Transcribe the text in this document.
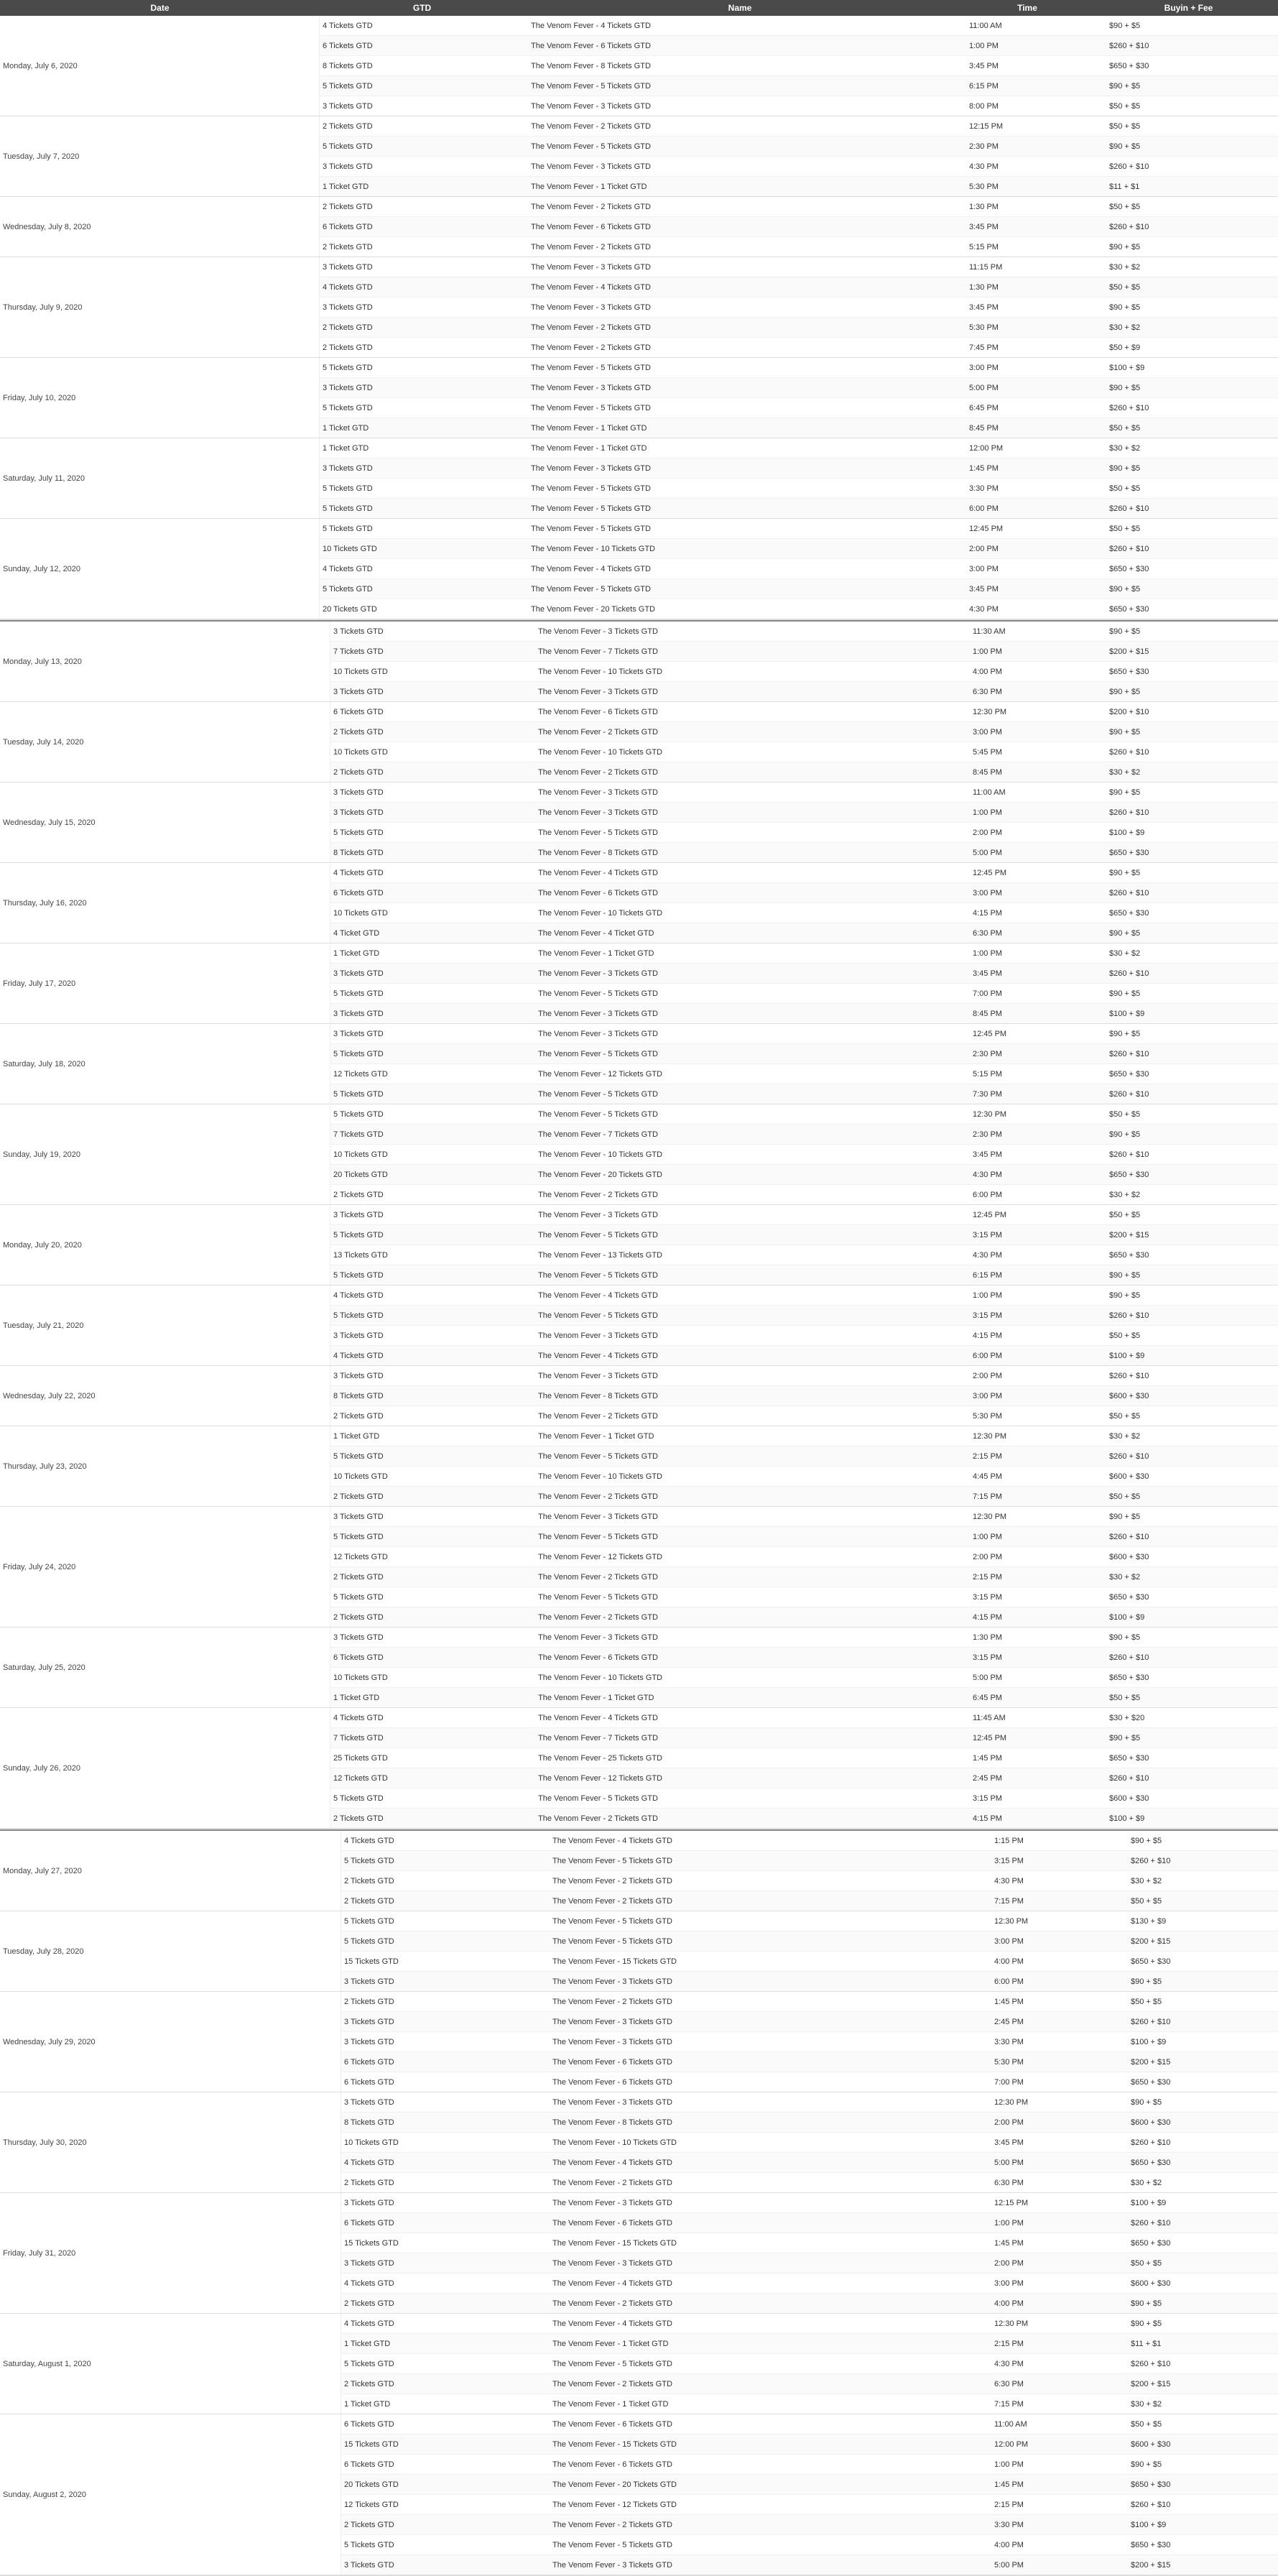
Date	GTD	Name	Time	Buyin + Fee
Monday, July 6, 2020
4 Tickets GTD	The Venom Fever - 4 Tickets GTD	11:00 AM	$90 + $5
6 Tickets GTD	The Venom Fever - 6 Tickets GTD	1:00 PM	$260 + $10
8 Tickets GTD	The Venom Fever - 8 Tickets GTD	3:45 PM	$650 + $30
5 Tickets GTD	The Venom Fever - 5 Tickets GTD	6:15 PM	$90 + $5
3 Tickets GTD	The Venom Fever - 3 Tickets GTD	8:00 PM	$50 + $5
Tuesday, July 7, 2020
2 Tickets GTD	The Venom Fever - 2 Tickets GTD	12:15 PM	$50 + $5
5 Tickets GTD	The Venom Fever - 5 Tickets GTD	2:30 PM	$90 + $5
3 Tickets GTD	The Venom Fever - 3 Tickets GTD	4:30 PM	$260 + $10
1 Ticket GTD	The Venom Fever - 1 Ticket GTD	5:30 PM	$11 + $1
Wednesday, July 8, 2020
2 Tickets GTD	The Venom Fever - 2 Tickets GTD	1:30 PM	$50 + $5
6 Tickets GTD	The Venom Fever - 6 Tickets GTD	3:45 PM	$260 + $10
2 Tickets GTD	The Venom Fever - 2 Tickets GTD	5:15 PM	$90 + $5
Thursday, July 9, 2020
3 Tickets GTD	The Venom Fever - 3 Tickets GTD	11:15 PM	$30 + $2
4 Tickets GTD	The Venom Fever - 4 Tickets GTD	1:30 PM	$50 + $5
3 Tickets GTD	The Venom Fever - 3 Tickets GTD	3:45 PM	$90 + $5
2 Tickets GTD	The Venom Fever - 2 Tickets GTD	5:30 PM	$30 + $2
2 Tickets GTD	The Venom Fever - 2 Tickets GTD	7:45 PM	$50 + $9
Friday, July 10, 2020
5 Tickets GTD	The Venom Fever - 5 Tickets GTD	3:00 PM	$100 + $9
3 Tickets GTD	The Venom Fever - 3 Tickets GTD	5:00 PM	$90 + $5
5 Tickets GTD	The Venom Fever - 5 Tickets GTD	6:45 PM	$260 + $10
1 Ticket GTD	The Venom Fever - 1 Ticket GTD	8:45 PM	$50 + $5
Saturday, July 11, 2020
1 Ticket GTD	The Venom Fever - 1 Ticket GTD	12:00 PM	$30 + $2
3 Tickets GTD	The Venom Fever - 3 Tickets GTD	1:45 PM	$90 + $5
5 Tickets GTD	The Venom Fever - 5 Tickets GTD	3:30 PM	$50 + $5
5 Tickets GTD	The Venom Fever - 5 Tickets GTD	6:00 PM	$260 + $10
Sunday, July 12, 2020
5 Tickets GTD	The Venom Fever - 5 Tickets GTD	12:45 PM	$50 + $5
10 Tickets GTD	The Venom Fever - 10 Tickets GTD	2:00 PM	$260 + $10
4 Tickets GTD	The Venom Fever - 4 Tickets GTD	3:00 PM	$650 + $30
5 Tickets GTD	The Venom Fever - 5 Tickets GTD	3:45 PM	$90 + $5
20 Tickets GTD	The Venom Fever - 20 Tickets GTD	4:30 PM	$650 + $30
Monday, July 13, 2020
3 Tickets GTD	The Venom Fever - 3 Tickets GTD	11:30 AM	$90 + $5
7 Tickets GTD	The Venom Fever - 7 Tickets GTD	1:00 PM	$200 + $15
10 Tickets GTD	The Venom Fever - 10 Tickets GTD	4:00 PM	$650 + $30
3 Tickets GTD	The Venom Fever - 3 Tickets GTD	6:30 PM	$90 + $5
Tuesday, July 14, 2020
6 Tickets GTD	The Venom Fever - 6 Tickets GTD	12:30 PM	$200 + $10
2 Tickets GTD	The Venom Fever - 2 Tickets GTD	3:00 PM	$90 + $5
10 Tickets GTD	The Venom Fever - 10 Tickets GTD	5:45 PM	$260 + $10
2 Tickets GTD	The Venom Fever - 2 Tickets GTD	8:45 PM	$30 + $2
Wednesday, July 15, 2020
3 Tickets GTD	The Venom Fever - 3 Tickets GTD	11:00 AM	$90 + $5
3 Tickets GTD	The Venom Fever - 3 Tickets GTD	1:00 PM	$260 + $10
5 Tickets GTD	The Venom Fever - 5 Tickets GTD	2:00 PM	$100 + $9
8 Tickets GTD	The Venom Fever - 8 Tickets GTD	5:00 PM	$650 + $30
Thursday, July 16, 2020
4 Tickets GTD	The Venom Fever - 4 Tickets GTD	12:45 PM	$90 + $5
6 Tickets GTD	The Venom Fever - 6 Tickets GTD	3:00 PM	$260 + $10
10 Tickets GTD	The Venom Fever - 10 Tickets GTD	4:15 PM	$650 + $30
4 Ticket GTD	The Venom Fever - 4 Ticket GTD	6:30 PM	$90 + $5
Friday, July 17, 2020
1 Ticket GTD	The Venom Fever - 1 Ticket GTD	1:00 PM	$30 + $2
3 Tickets GTD	The Venom Fever - 3 Tickets GTD	3:45 PM	$260 + $10
5 Tickets GTD	The Venom Fever - 5 Tickets GTD	7:00 PM	$90 + $5
3 Tickets GTD	The Venom Fever - 3 Tickets GTD	8:45 PM	$100 + $9
Saturday, July 18, 2020
3 Tickets GTD	The Venom Fever - 3 Tickets GTD	12:45 PM	$90 + $5
5 Tickets GTD	The Venom Fever - 5 Tickets GTD	2:30 PM	$260 + $10
12 Tickets GTD	The Venom Fever - 12 Tickets GTD	5:15 PM	$650 + $30
5 Tickets GTD	The Venom Fever - 5 Tickets GTD	7:30 PM	$260 + $10
Sunday, July 19, 2020
5 Tickets GTD	The Venom Fever - 5 Tickets GTD	12:30 PM	$50 + $5
7 Tickets GTD	The Venom Fever - 7 Tickets GTD	2:30 PM	$90 + $5
10 Tickets GTD	The Venom Fever - 10 Tickets GTD	3:45 PM	$260 + $10
20 Tickets GTD	The Venom Fever - 20 Tickets GTD	4:30 PM	$650 + $30
2 Tickets GTD	The Venom Fever - 2 Tickets GTD	6:00 PM	$30 + $2
Monday, July 20, 2020
3 Tickets GTD	The Venom Fever - 3 Tickets GTD	12:45 PM	$50 + $5
5 Tickets GTD	The Venom Fever - 5 Tickets GTD	3:15 PM	$200 + $15
13 Tickets GTD	The Venom Fever - 13 Tickets GTD	4:30 PM	$650 + $30
5 Tickets GTD	The Venom Fever - 5 Tickets GTD	6:15 PM	$90 + $5
Tuesday, July 21, 2020
4 Tickets GTD	The Venom Fever - 4 Tickets GTD	1:00 PM	$90 + $5
5 Tickets GTD	The Venom Fever - 5 Tickets GTD	3:15 PM	$260 + $10
3 Tickets GTD	The Venom Fever - 3 Tickets GTD	4:15 PM	$50 + $5
4 Tickets GTD	The Venom Fever - 4 Tickets GTD	6:00 PM	$100 + $9
Wednesday, July 22, 2020
3 Tickets GTD	The Venom Fever - 3 Tickets GTD	2:00 PM	$260 + $10
8 Tickets GTD	The Venom Fever - 8 Tickets GTD	3:00 PM	$600 + $30
2 Tickets GTD	The Venom Fever - 2 Tickets GTD	5:30 PM	$50 + $5
Thursday, July 23, 2020
1 Ticket GTD	The Venom Fever - 1 Ticket GTD	12:30 PM	$30 + $2
5 Tickets GTD	The Venom Fever - 5 Tickets GTD	2:15 PM	$260 + $10
10 Tickets GTD	The Venom Fever - 10 Tickets GTD	4:45 PM	$600 + $30
2 Tickets GTD	The Venom Fever - 2 Tickets GTD	7:15 PM	$50 + $5
Friday, July 24, 2020
3 Tickets GTD	The Venom Fever - 3 Tickets GTD	12:30 PM	$90 + $5
5 Tickets GTD	The Venom Fever - 5 Tickets GTD	1:00 PM	$260 + $10
12 Tickets GTD	The Venom Fever - 12 Tickets GTD	2:00 PM	$600 + $30
2 Tickets GTD	The Venom Fever - 2 Tickets GTD	2:15 PM	$30 + $2
5 Tickets GTD	The Venom Fever - 5 Tickets GTD	3:15 PM	$650 + $30
2 Tickets GTD	The Venom Fever - 2 Tickets GTD	4:15 PM	$100 + $9
Saturday, July 25, 2020
3 Tickets GTD	The Venom Fever - 3 Tickets GTD	1:30 PM	$90 + $5
6 Tickets GTD	The Venom Fever - 6 Tickets GTD	3:15 PM	$260 + $10
10 Tickets GTD	The Venom Fever - 10 Tickets GTD	5:00 PM	$650 + $30
1 Ticket GTD	The Venom Fever - 1 Ticket GTD	6:45 PM	$50 + $5
Sunday, July 26, 2020
4 Tickets GTD	The Venom Fever - 4 Tickets GTD	11:45 AM	$30 + $20
7 Tickets GTD	The Venom Fever - 7 Tickets GTD	12:45 PM	$90 + $5
25 Tickets GTD	The Venom Fever - 25 Tickets GTD	1:45 PM	$650 + $30
12 Tickets GTD	The Venom Fever - 12 Tickets GTD	2:45 PM	$260 + $10
5 Tickets GTD	The Venom Fever - 5 Tickets GTD	3:15 PM	$600 + $30
2 Tickets GTD	The Venom Fever - 2 Tickets GTD	4:15 PM	$100 + $9
Monday, July 27, 2020
4 Tickets GTD	The Venom Fever - 4 Tickets GTD	1:15 PM	$90 + $5
5 Tickets GTD	The Venom Fever - 5 Tickets GTD	3:15 PM	$260 + $10
2 Tickets GTD	The Venom Fever - 2 Tickets GTD	4:30 PM	$30 + $2
2 Tickets GTD	The Venom Fever - 2 Tickets GTD	7:15 PM	$50 + $5
Tuesday, July 28, 2020
5 Tickets GTD	The Venom Fever - 5 Tickets GTD	12:30 PM	$130 + $9
5 Tickets GTD	The Venom Fever - 5 Tickets GTD	3:00 PM	$200 + $15
15 Tickets GTD	The Venom Fever - 15 Tickets GTD	4:00 PM	$650 + $30
3 Tickets GTD	The Venom Fever - 3 Tickets GTD	6:00 PM	$90 + $5
Wednesday, July 29, 2020
2 Tickets GTD	The Venom Fever - 2 Tickets GTD	1:45 PM	$50 + $5
3 Tickets GTD	The Venom Fever - 3 Tickets GTD	2:45 PM	$260 + $10
3 Tickets GTD	The Venom Fever - 3 Tickets GTD	3:30 PM	$100 + $9
6 Tickets GTD	The Venom Fever - 6 Tickets GTD	5:30 PM	$200 + $15
6 Tickets GTD	The Venom Fever - 6 Tickets GTD	7:00 PM	$650 + $30
Thursday, July 30, 2020
3 Tickets GTD	The Venom Fever - 3 Tickets GTD	12:30 PM	$90 + $5
8 Tickets GTD	The Venom Fever - 8 Tickets GTD	2:00 PM	$600 + $30
10 Tickets GTD	The Venom Fever - 10 Tickets GTD	3:45 PM	$260 + $10
4 Tickets GTD	The Venom Fever - 4 Tickets GTD	5:00 PM	$650 + $30
2 Tickets GTD	The Venom Fever - 2 Tickets GTD	6:30 PM	$30 + $2
Friday, July 31, 2020
3 Tickets GTD	The Venom Fever - 3 Tickets GTD	12:15 PM	$100 + $9
6 Tickets GTD	The Venom Fever - 6 Tickets GTD	1:00 PM	$260 + $10
15 Tickets GTD	The Venom Fever - 15 Tickets GTD	1:45 PM	$650 + $30
3 Tickets GTD	The Venom Fever - 3 Tickets GTD	2:00 PM	$50 + $5
4 Tickets GTD	The Venom Fever - 4 Tickets GTD	3:00 PM	$600 + $30
2 Tickets GTD	The Venom Fever - 2 Tickets GTD	4:00 PM	$90 + $5
Saturday, August 1, 2020
4 Tickets GTD	The Venom Fever - 4 Tickets GTD	12:30 PM	$90 + $5
1 Ticket GTD	The Venom Fever - 1 Ticket GTD	2:15 PM	$11 + $1
5 Tickets GTD	The Venom Fever - 5 Tickets GTD	4:30 PM	$260 + $10
2 Tickets GTD	The Venom Fever - 2 Tickets GTD	6:30 PM	$200 + $15
1 Ticket GTD	The Venom Fever - 1 Ticket GTD	7:15 PM	$30 + $2
Sunday, August 2, 2020
6 Tickets GTD	The Venom Fever - 6 Tickets GTD	11:00 AM	$50 + $5
15 Tickets GTD	The Venom Fever - 15 Tickets GTD	12:00 PM	$600 + $30
6 Tickets GTD	The Venom Fever - 6 Tickets GTD	1:00 PM	$90 + $5
20 Tickets GTD	The Venom Fever - 20 Tickets GTD	1:45 PM	$650 + $30
12 Tickets GTD	The Venom Fever - 12 Tickets GTD	2:15 PM	$260 + $10
2 Tickets GTD	The Venom Fever - 2 Tickets GTD	3:30 PM	$100 + $9
5 Tickets GTD	The Venom Fever - 5 Tickets GTD	4:00 PM	$650 + $30
3 Tickets GTD	The Venom Fever - 3 Tickets GTD	5:00 PM	$200 + $15
